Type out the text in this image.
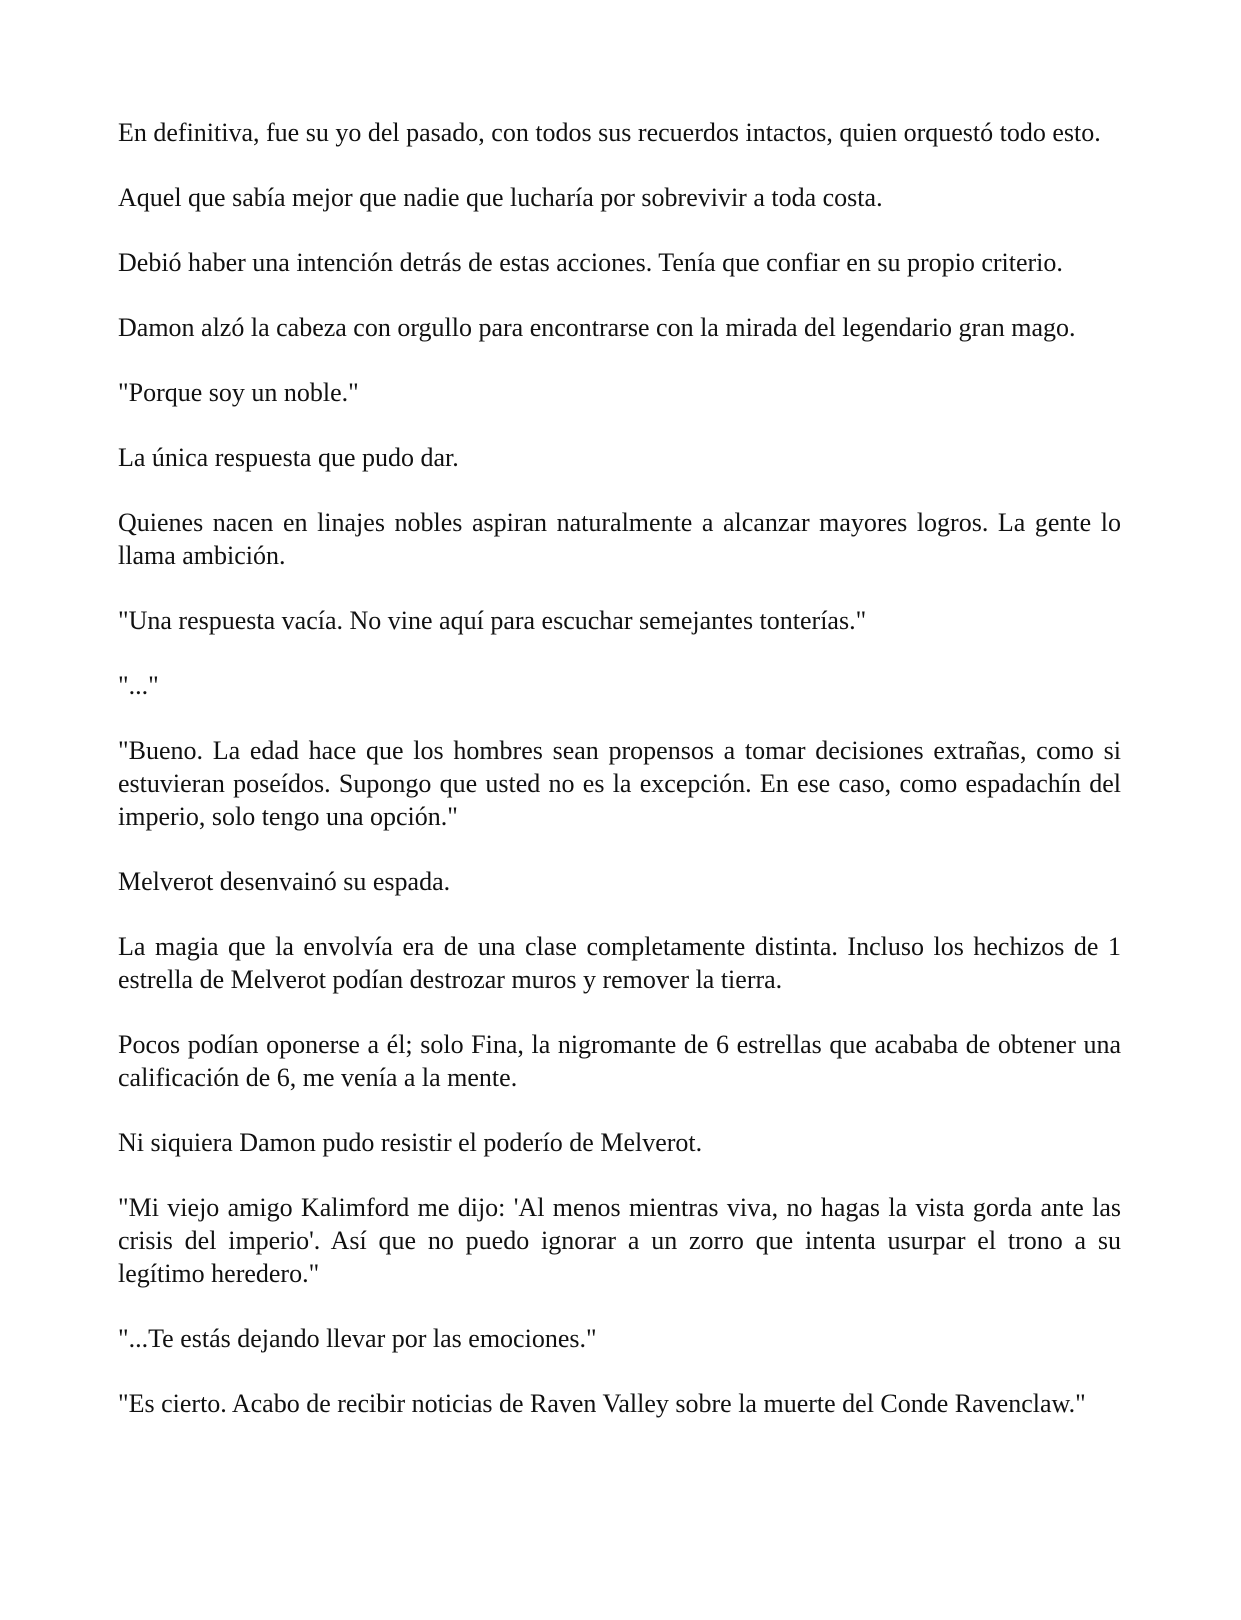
En definitiva, fue su yo del pasado, con todos sus recuerdos intactos, quien orquestó todo esto.

Aquel que sabía mejor que nadie que lucharía por sobrevivir a toda costa.

Debió haber una intención detrás de estas acciones. Tenía que confiar en su propio criterio.

Damon alzó la cabeza con orgullo para encontrarse con la mirada del legendario gran mago.

"Porque soy un noble."

La única respuesta que pudo dar.

Quienes nacen en linajes nobles aspiran naturalmente a alcanzar mayores logros. La gente lo llama ambición.

"Una respuesta vacía. No vine aquí para escuchar semejantes tonterías."

"..."

"Bueno. La edad hace que los hombres sean propensos a tomar decisiones extrañas, como si estuvieran poseídos. Supongo que usted no es la excepción. En ese caso, como espadachín del imperio, solo tengo una opción."

Melverot desenvainó su espada.

La magia que la envolvía era de una clase completamente distinta. Incluso los hechizos de 1 estrella de Melverot podían destrozar muros y remover la tierra.

Pocos podían oponerse a él; solo Fina, la nigromante de 6 estrellas que acababa de obtener una calificación de 6, me venía a la mente.

Ni siquiera Damon pudo resistir el poderío de Melverot.

"Mi viejo amigo Kalimford me dijo: 'Al menos mientras viva, no hagas la vista gorda ante las crisis del imperio'. Así que no puedo ignorar a un zorro que intenta usurpar el trono a su legítimo heredero."

"...Te estás dejando llevar por las emociones."

"Es cierto. Acabo de recibir noticias de Raven Valley sobre la muerte del Conde Ravenclaw."
